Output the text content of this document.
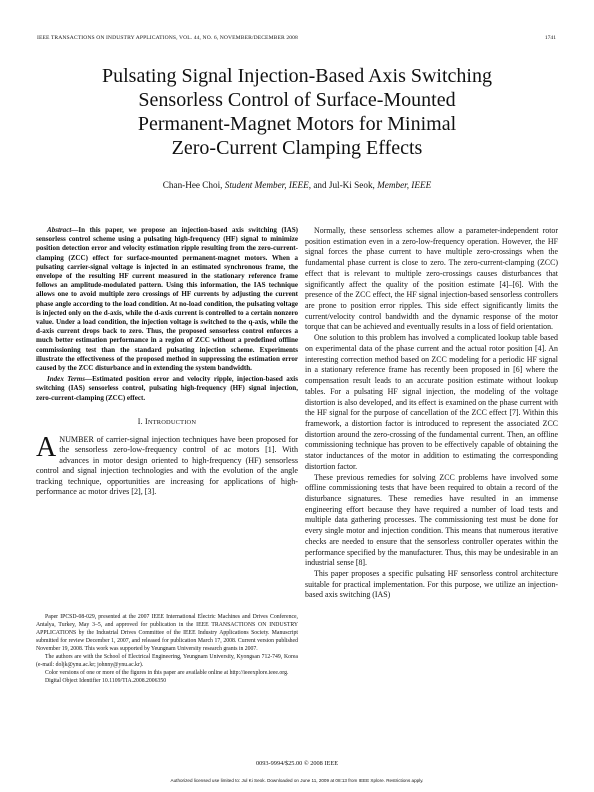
IEEE TRANSACTIONS ON INDUSTRY APPLICATIONS, VOL. 44, NO. 6, NOVEMBER/DECEMBER 2008	1741
Pulsating Signal Injection-Based Axis Switching
Sensorless Control of Surface-Mounted
Permanent-Magnet Motors for Minimal
Zero-Current Clamping Effects
Chan-Hee Choi, Student Member, IEEE, and Jul-Ki Seok, Member, IEEE

Abstract—In this paper, we propose an injection-based axis switching (IAS) sensorless control scheme using a pulsating high-frequency (HF) signal to minimize position detection error and velocity estimation ripple resulting from the zero-current-clamping (ZCC) effect for surface-mounted permanent-magnet motors. When a pulsating carrier-signal voltage is injected in an estimated synchronous frame, the envelope of the resulting HF current measured in the stationary reference frame follows an amplitude-modulated pattern. Using this information, the IAS technique allows one to avoid multiple zero crossings of HF currents by adjusting the current phase angle according to the load condition. At no-load condition, the pulsating voltage is injected only on the d-axis, while the d-axis current is controlled to a certain nonzero value. Under a load condition, the injection voltage is switched to the q-axis, while the d-axis current drops back to zero. Thus, the proposed sensorless control enforces a much better estimation performance in a region of ZCC without a predefined offline commissioning test than the standard pulsating injection scheme. Experiments illustrate the effectiveness of the proposed method in suppressing the estimation error caused by the ZCC disturbance and in extending the system bandwidth.

Index Terms—Estimated position error and velocity ripple, injection-based axis switching (IAS) sensorless control, pulsating high-frequency (HF) signal injection, zero-current-clamping (ZCC) effect.

I. INTRODUCTION

ANUMBER of carrier-signal injection techniques have been proposed for the sensorless zero-low-frequency control of ac motors [1]. With advances in motor design oriented to high-frequency (HF) sensorless control and signal injection technologies and with the evolution of the angle tracking technique, opportunities are increasing for applications of high-performance ac motor drives [2], [3].

Paper IPCSD-08-029, presented at the 2007 IEEE International Electric Machines and Drives Conference, Antalya, Turkey, May 3–5, and approved for publication in the IEEE TRANSACTIONS ON INDUSTRY APPLICATIONS by the Industrial Drives Committee of the IEEE Industry Applications Society. Manuscript submitted for review December 1, 2007, and released for publication March 17, 2008. Current version published November 19, 2008. This work was supported by Yeungnam University research grants in 2007.

The authors are with the School of Electrical Engineering, Yeungnam University, Kyongsan 712-749, Korea (e-mail: doljk@ynu.ac.kr; johnny@ynu.ac.kr).

Color versions of one or more of the figures in this paper are available online at http://ieeexplore.ieee.org.

Digital Object Identifier 10.1109/TIA.2008.2006350

Normally, these sensorless schemes allow a parameter-independent rotor position estimation even in a zero-low-frequency operation. However, the HF signal forces the phase current to have multiple zero-crossings when the fundamental phase current is close to zero. The zero-current-clamping (ZCC) effect that is relevant to multiple zero-crossings causes disturbances that significantly affect the quality of the position estimate [4]–[6]. With the presence of the ZCC effect, the HF signal injection-based sensorless controllers are prone to position error ripples. This side effect significantly limits the current/velocity control bandwidth and the dynamic response of the motor torque that can be achieved and eventually results in a loss of field orientation.

One solution to this problem has involved a complicated lookup table based on experimental data of the phase current and the actual rotor position [4]. An interesting correction method based on ZCC modeling for a periodic HF signal in a stationary reference frame has recently been proposed in [6] where the compensation result leads to an accurate position estimate without lookup tables. For a pulsating HF signal injection, the modeling of the voltage distortion is also developed, and its effect is examined on the phase current with the HF signal for the purpose of cancellation of the ZCC effect [7]. Within this framework, a distortion factor is introduced to represent the associated ZCC distortion around the zero-crossing of the fundamental current. Then, an offline commissioning technique has proven to be effectively capable of obtaining the stator inductances of the motor in addition to estimating the corresponding distortion factor.

These previous remedies for solving ZCC problems have involved some offline commissioning tests that have been required to obtain a record of the disturbance signatures. These remedies have resulted in an immense engineering effort because they have required a number of load tests and multiple data gathering processes. The commissioning test must be done for every single motor and injection condition. This means that numerous iterative checks are needed to ensure that the sensorless controller operates within the performance specified by the manufacturer. Thus, this may be undesirable in an industrial sense [8].

This paper proposes a specific pulsating HF sensorless control architecture suitable for practical implementation. For this purpose, we utilize an injection-based axis switching (IAS)

0093-9994/$25.00 © 2008 IEEE
Authorized licensed use limited to: Jul Ki Seok. Downloaded on June 11, 2009 at 08:13 from IEEE Xplore. Restrictions apply.
